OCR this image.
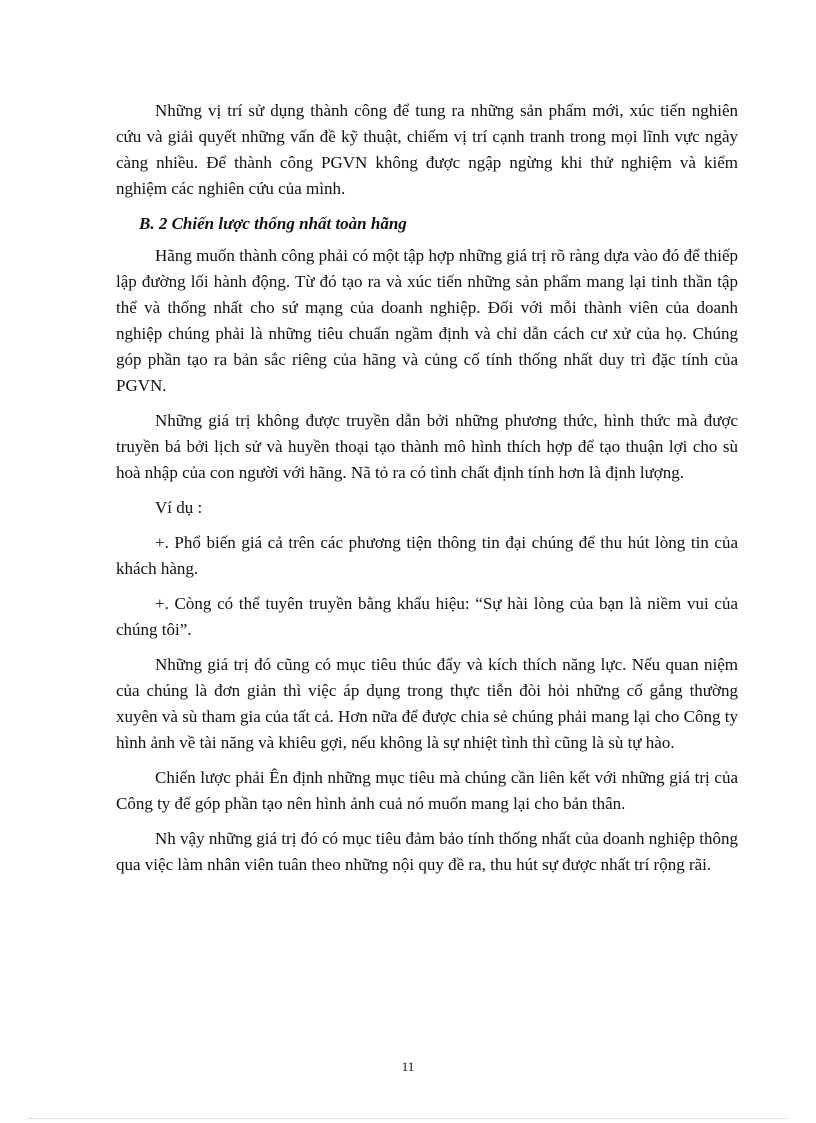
Những vị trí sử dụng thành công để tung ra những sản phẩm mới, xúc tiến nghiên cứu và giải quyết những vấn đề kỹ thuật, chiếm vị trí cạnh tranh trong mọi lĩnh vực ngày càng nhiều. Để thành công PGVN không được ngập ngừng khi thử nghiệm và kiểm nghiệm các nghiên cứu của mình.

B. 2 Chiến lược thống nhất toàn hãng

Hãng muốn thành công phải có một tập hợp những giá trị rõ ràng dựa vào đó để thiếp lập đường lối hành động. Từ đó tạo ra và xúc tiến những sản phẩm mang lại tinh thần tập thể và thống nhất cho sứ mạng của doanh nghiệp. Đối với mỗi thành viên của doanh nghiệp chúng phải là những tiêu chuẩn ngầm định và chỉ dẫn cách cư xử của họ. Chúng góp phần tạo ra bản sắc riêng của hãng và củng cố tính thống nhất duy trì đặc tính của PGVN.

Những giá trị không được truyền dẫn bởi những phương thức, hình thức mà được truyền bá bởi lịch sử và huyền thoại tạo thành mô hình thích hợp để tạo thuận lợi cho sù hoà nhập của con người với hãng. Nã tỏ ra có tình chất định tính hơn là định lượng.

Ví dụ :

+. Phổ biến giá cả trên các phương tiện thông tin đại chúng để thu hút lòng tin của khách hàng.

+. Còng có thể tuyên truyền bằng khẩu hiệu: “Sự hài lòng của bạn là niềm vui của chúng tôi”.

Những giá trị đó cũng có mục tiêu thúc đẩy và kích thích năng lực. Nếu quan niệm của chúng là đơn giản thì việc áp dụng trong thực tiễn đòi hỏi những cố gắng thường xuyên và sù tham gia của tất cả. Hơn nữa để được chia sẻ chúng phải mang lại cho Công ty hình ảnh về tài năng và khiêu gợi, nếu không là sự nhiệt tình thì cũng là sù tự hào.

Chiến lược phải Ên định những mục tiêu mà chúng cần liên kết với những giá trị của Công ty để góp phần tạo nên hình ảnh cuả nó muốn mang lại cho bản thân.

Nh vậy những giá trị đó có mục tiêu đảm bảo tính thống nhất của doanh nghiệp thông qua việc làm nhân viên tuân theo những nội quy đề ra, thu hút sự được nhất trí rộng rãi.

11
